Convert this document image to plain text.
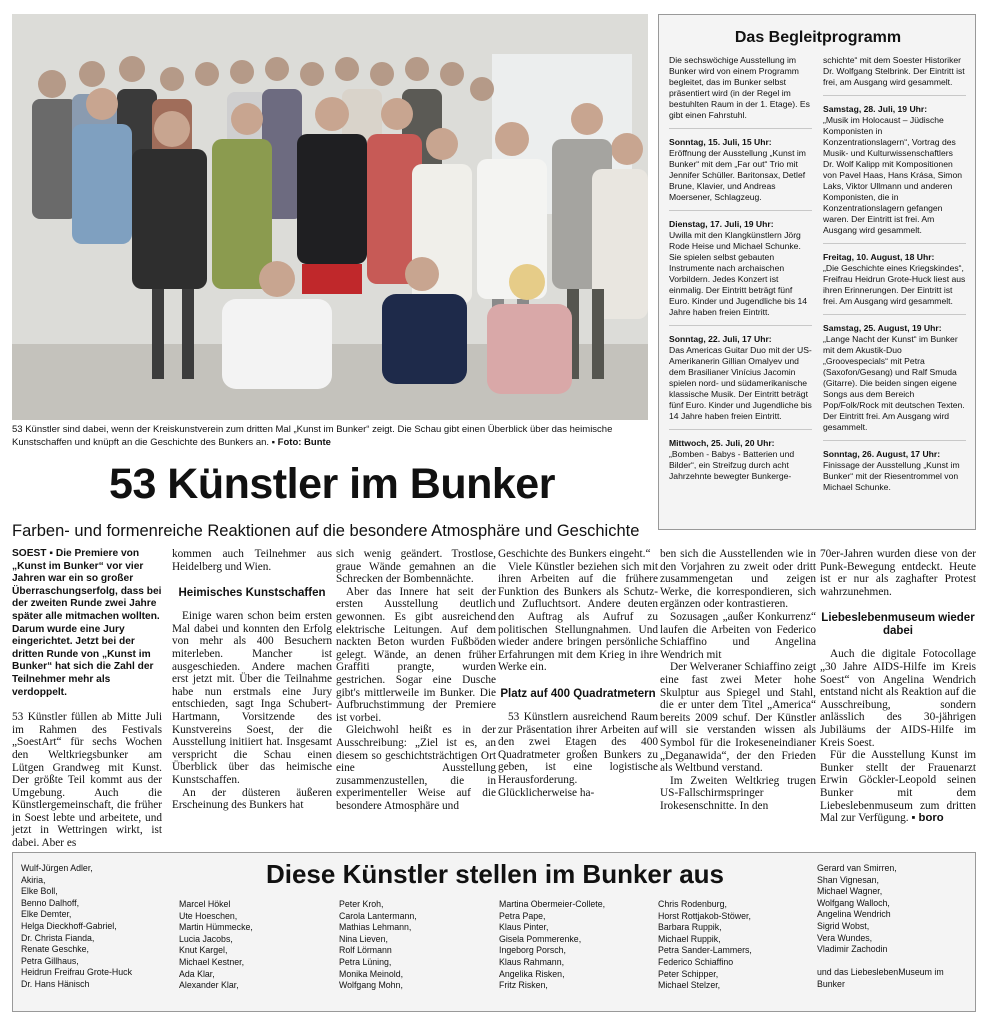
53 Künstler sind dabei, wenn der Kreiskunstverein zum dritten Mal „Kunst im Bunker“ zeigt. Die Schau gibt einen Überblick über das heimische Kunstschaffen und knüpft an die Geschichte des Bunkers an. ▪ Foto: Bunte
53 Künstler im Bunker
Farben- und formenreiche Reaktionen auf die besondere Atmosphäre und Geschichte
Das Begleitprogramm
Die sechswöchige Ausstellung im Bunker wird von einem Programm begleitet, das im Bunker selbst präsentiert wird (in der Regel im bestuhlten Raum in der 1. Etage). Es gibt einen Fahrstuhl.
Sonntag, 15. Juli, 15 Uhr:
Eröffnung der Ausstellung „Kunst im Bunker“ mit dem „Far out“ Trio mit Jennifer Schüller. Baritonsax, Detlef Brune, Klavier, und Andreas Moersener, Schlagzeug.
Dienstag, 17. Juli, 19 Uhr:
Uwilla mit den Klangkünstlern Jörg Rode Heise und Michael Schunke. Sie spielen selbst gebauten Instrumente nach archaischen Vorbildern. Jedes Konzert ist einmalig. Der Eintritt beträgt fünf Euro. Kinder und Jugendliche bis 14 Jahre haben freien Eintritt.
Sonntag, 22. Juli, 17 Uhr:
Das Americas Guitar Duo mit der US-Amerikanerin Gillian Omalyev und dem Brasilianer Vinícius Jacomin spielen nord- und südamerikanische klassische Musik. Der Eintritt beträgt fünf Euro. Kinder und Jugendliche bis 14 Jahre haben freien Eintritt.
Mittwoch, 25. Juli, 20 Uhr:
„Bomben - Babys - Batterien und Bilder“, ein Streifzug durch acht Jahrzehnte bewegter Bunkerge-
schichte“ mit dem Soester Historiker Dr. Wolfgang Stelbrink. Der Eintritt ist frei, am Ausgang wird gesammelt.
Samstag, 28. Juli, 19 Uhr:
„Musik im Holocaust – Jüdische Komponisten in Konzentrationslagern“, Vortrag des Musik- und Kulturwissenschaftlers Dr. Wolf Kalipp mit Kompositionen von Pavel Haas, Hans Krása, Simon Laks, Viktor Ullmann und anderen Komponisten, die in Konzentrationslagern gefangen waren. Der Eintritt ist frei. Am Ausgang wird gesammelt.
Freitag, 10. August, 18 Uhr:
„Die Geschichte eines Kriegskindes“, Freifrau Heidrun Grote-Huck liest aus ihren Erinnerungen. Der Eintritt ist frei. Am Ausgang wird gesammelt.
Samstag, 25. August, 19 Uhr:
„Lange Nacht der Kunst“ im Bunker mit dem Akustik-Duo „Groovespecials“ mit Petra (Saxofon/Gesang) und Ralf Smuda (Gitarre). Die beiden singen eigene Songs aus dem Bereich Pop/Folk/Rock mit deutschen Texten. Der Eintritt frei. Am Ausgang wird gesammelt.
Sonntag, 26. August, 17 Uhr:
Finissage der Ausstellung „Kunst im Bunker“ mit der Riesentrommel von Michael Schunke.
SOEST ▪ Die Premiere von „Kunst im Bunker“ vor vier Jahren war ein so großer Überraschungserfolg, dass bei der zweiten Runde zwei Jahre später alle mitmachen wollten. Darum wurde eine Jury eingerichtet. Jetzt bei der dritten Runde von „Kunst im Bunker“ hat sich die Zahl der Teilnehmer mehr als verdoppelt.

53 Künstler füllen ab Mitte Juli im Rahmen des Festivals „SoestArt“ für sechs Wochen den Weltkriegsbunker am Lütgen Grandweg mit Kunst. Der größte Teil kommt aus der Umgebung. Auch die Künstlergemeinschaft, die früher in Soest lebte und arbeitete, und jetzt in Wettringen wirkt, ist dabei. Aber es

kommen auch Teilnehmer aus Heidelberg und Wien.

Heimisches Kunstschaffen

Einige waren schon beim ersten Mal dabei und konnten den Erfolg von mehr als 400 Besuchern miterleben. Mancher ist ausgeschieden. Andere machen erst jetzt mit. Über die Teilnahme habe nun erstmals eine Jury entschieden, sagt Inga Schubert-Hartmann, Vorsitzende des Kunstvereins Soest, der die Ausstellung initiiert hat. Insgesamt verspricht die Schau einen Überblick über das heimische Kunstschaffen.

An der düsteren äußeren Erscheinung des Bunkers hat

sich wenig geändert. Trostlose, graue Wände gemahnen an die Schrecken der Bombennächte.

Aber das Innere hat seit der ersten Ausstellung deutlich gewonnen. Es gibt ausreichend elektrische Leitungen. Auf dem nackten Beton wurden Fußböden gelegt. Wände, an denen früher Graffiti prangte, wurden gestrichen. Sogar eine Dusche gibt's mittlerweile im Bunker. Die Aufbruchstimmung der Premiere ist vorbei.

Gleichwohl heißt es in der Ausschreibung: „Ziel ist es, an diesem so geschichtsträchtigen Ort eine Ausstellung zusammenzustellen, die in experimenteller Weise auf die besondere Atmosphäre und

Geschichte des Bunkers eingeht.“

Viele Künstler beziehen sich mit ihren Arbeiten auf die frühere Funktion des Bunkers als Schutz- und Zufluchtsort. Andere deuten den Auftrag als Aufruf zu politischen Stellungnahmen. Und wieder andere bringen persönliche Erfahrungen mit dem Krieg in ihre Werke ein.

Platz auf 400 Quadratmetern

53 Künstlern ausreichend Raum zur Präsentation ihrer Arbeiten auf den zwei Etagen des 400 Quadratmeter großen Bunkers zu geben, ist eine logistische Herausforderung. Glücklicherweise ha-

ben sich die Ausstellenden wie in den Vorjahren zu zweit oder dritt zusammengetan und zeigen Werke, die korrespondieren, sich ergänzen oder kontrastieren.

Sozusagen „außer Konkurrenz“ laufen die Arbeiten von Federico Schiaffino und Angelina Wendrich mit

Der Welveraner Schiaffino zeigt eine fast zwei Meter hohe Skulptur aus Spiegel und Stahl, die er unter dem Titel „America“ bereits 2009 schuf. Der Künstler will sie verstanden wissen als Symbol für die Irokeseneindianer „Deganawida“, der den Frieden als Weltbund verstand.

Im Zweiten Weltkrieg trugen US-Fallschirmspringer Irokesenschnitte. In den

70er-Jahren wurden diese von der Punk-Bewegung entdeckt. Heute ist er nur als zaghafter Protest wahrzunehmen.

Liebeslebenmuseum wieder dabei

Auch die digitale Fotocollage „30 Jahre AIDS-Hilfe im Kreis Soest“ von Angelina Wendrich entstand nicht als Reaktion auf die Ausschreibung, sondern anlässlich des 30-jährigen Jubiläums der AIDS-Hilfe im Kreis Soest.

Für die Ausstellung Kunst im Bunker stellt der Frauenarzt Erwin Göckler-Leopold seinen Bunker mit dem Liebeslebenmuseum zum dritten Mal zur Verfügung. ▪ boro

Diese Künstler stellen im Bunker aus
Wulf-Jürgen Adler,
Akiria,
Elke Boll,
Benno Dalhoff,
Elke Demter,
Helga Dieckhoff-Gabriel,
Dr. Christa Fianda,
Renate Geschke,
Petra Gillhaus,
Heidrun Freifrau Grote-Huck
Dr. Hans Hänisch
Marcel Hökel
Ute Hoeschen,
Martin Hümmecke,
Lucia Jacobs,
Knut Kargel,
Michael Kestner,
Ada Klar,
Alexander Klar,
Peter Kroh,
Carola Lantermann,
Mathias Lehmann,
Nina Lieven,
Rolf Lörmann
Petra Lüning,
Monika Meinold,
Wolfgang Mohn,
Martina Obermeier-Collete,
Petra Pape,
Klaus Pinter,
Gisela Pommerenke,
Ingeborg Porsch,
Klaus Rahmann,
Angelika Risken,
Fritz Risken,
Chris Rodenburg,
Horst Rottjakob-Stöwer,
Barbara Ruppik,
Michael Ruppik,
Petra Sander-Lammers,
Federico Schiaffino
Peter Schipper,
Michael Stelzer,
Gerard van Smirren,
Shan Vignesan,
Michael Wagner,
Wolfgang Walloch,
Angelina Wendrich
Sigrid Wobst,
Vera Wundes,
Vladimir Zachodin

und das LiebeslebenMuseum im
Bunker
